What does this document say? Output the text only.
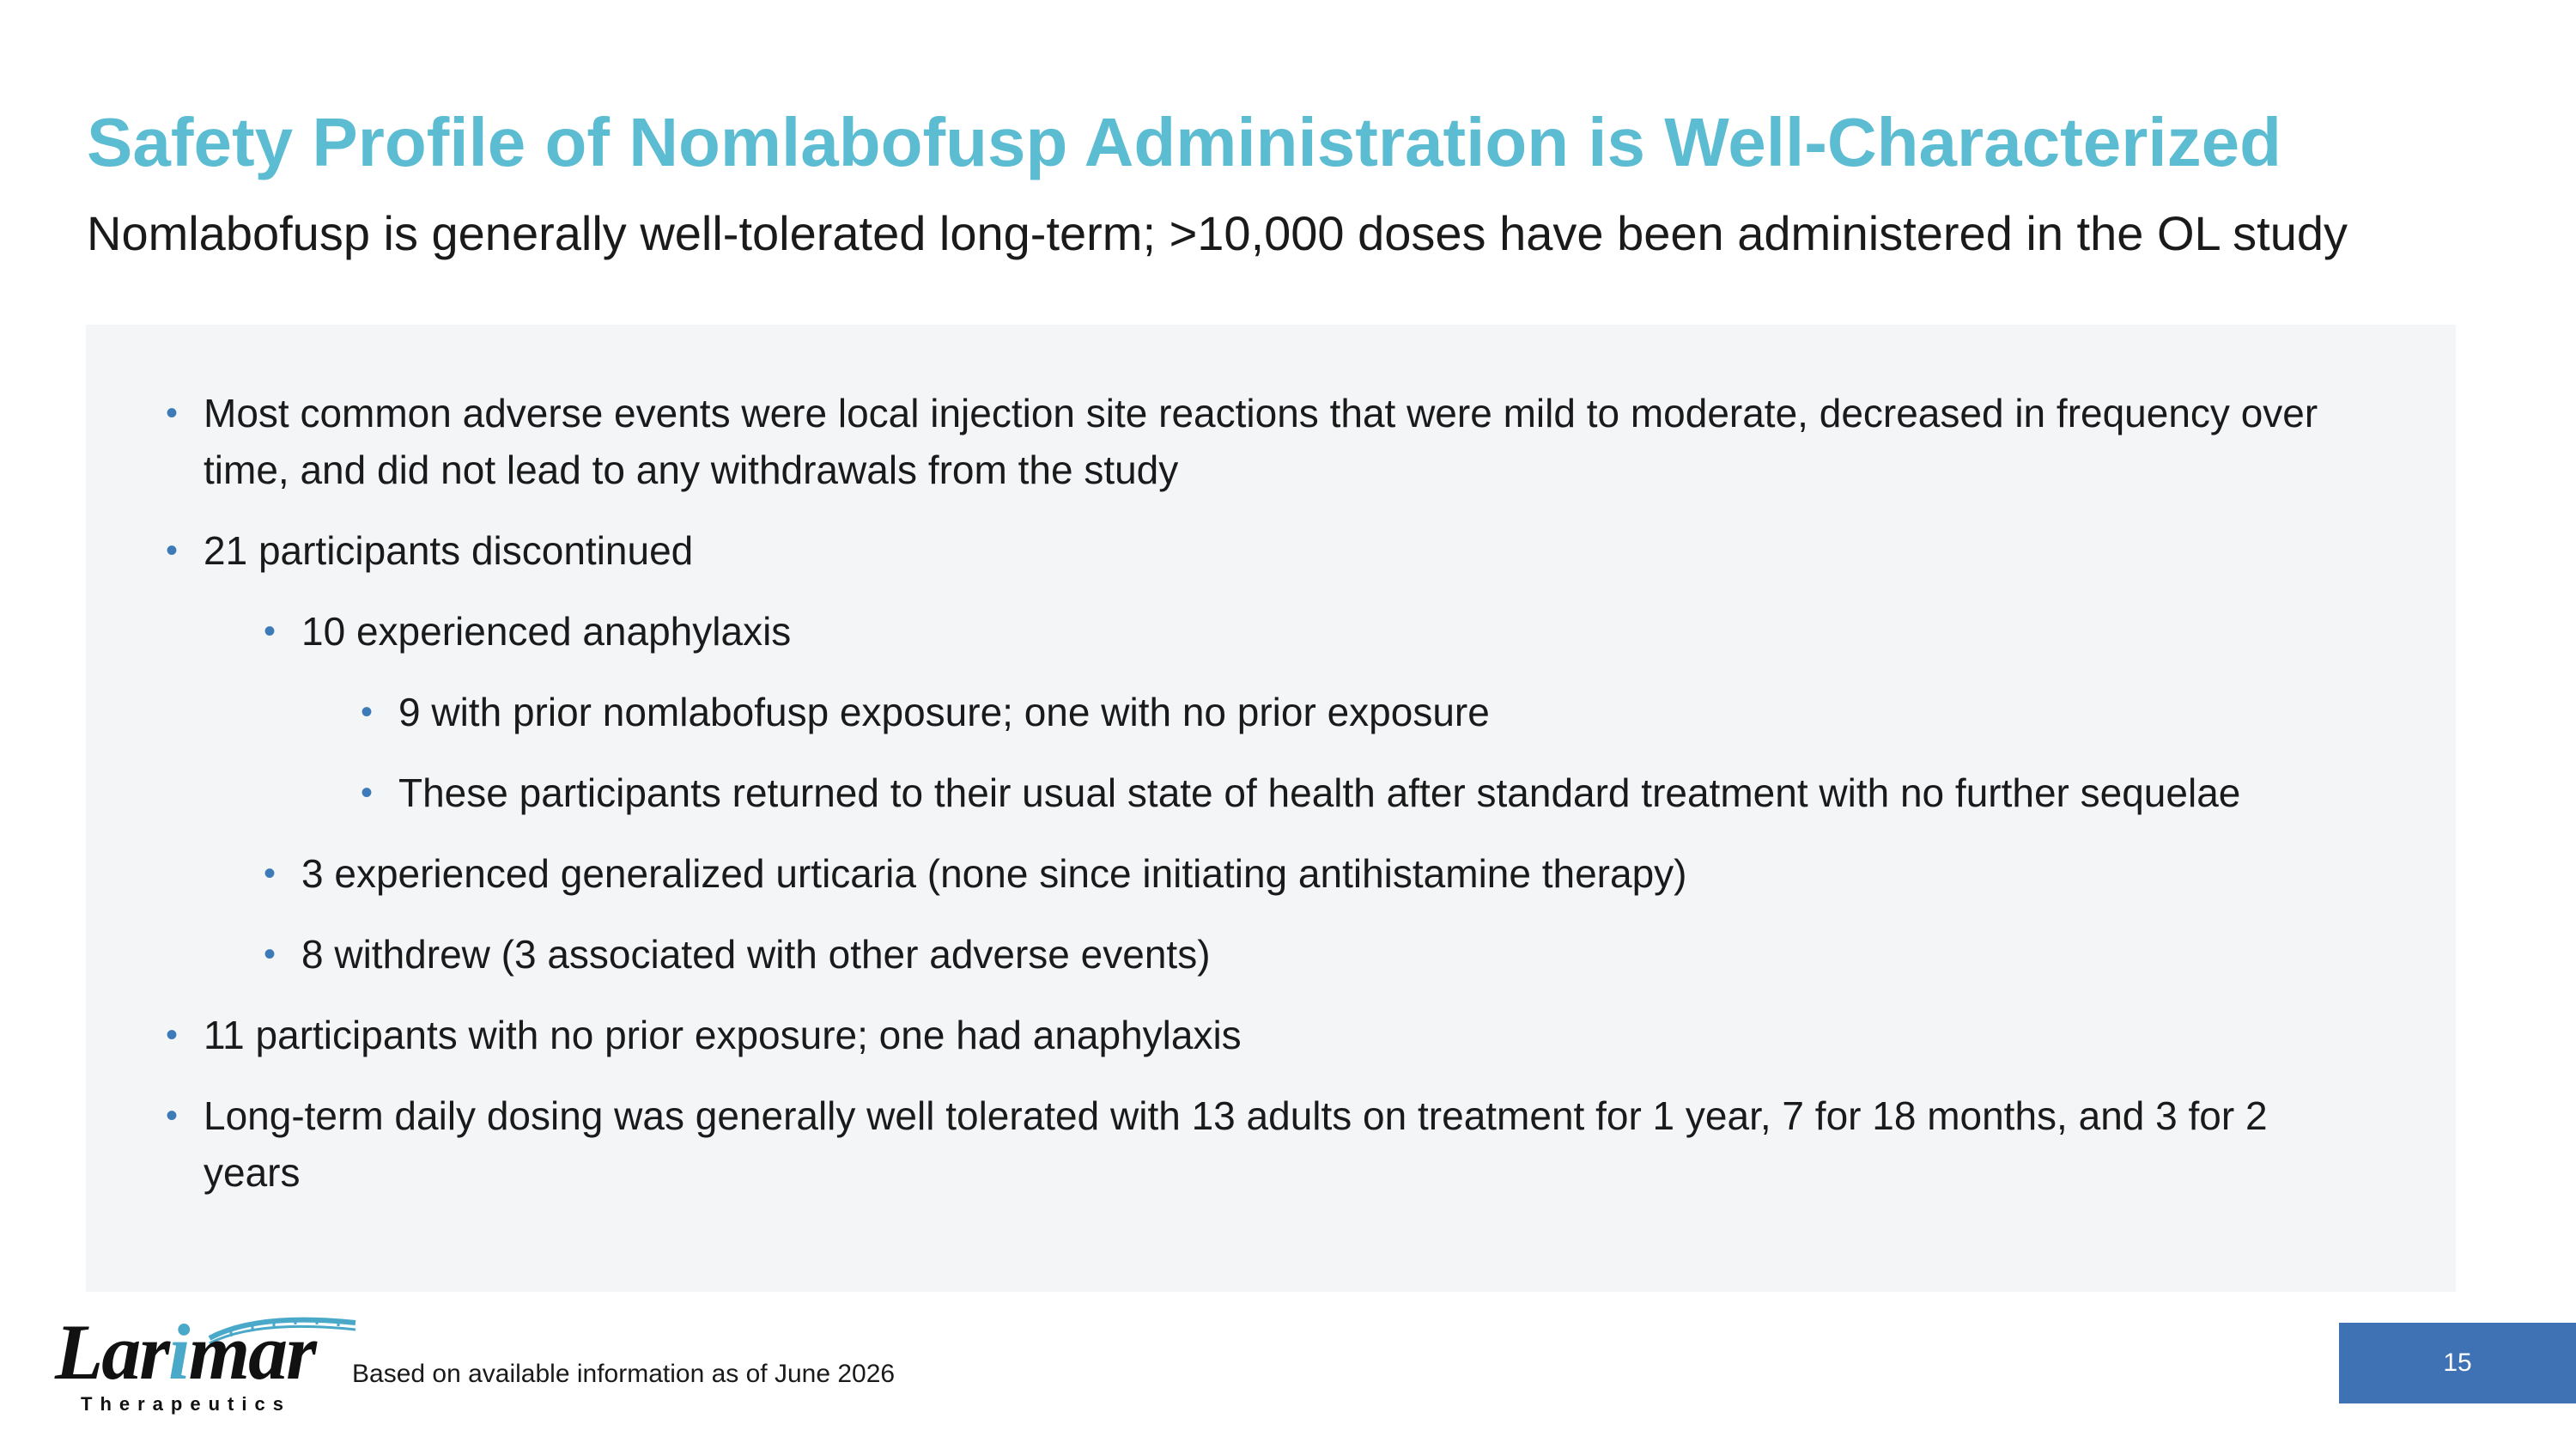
Safety Profile of Nomlabofusp Administration is Well-Characterized

Nomlabofusp is generally well-tolerated long-term; >10,000 doses have been administered in the OL study

• Most common adverse events were local injection site reactions that were mild to moderate, decreased in frequency over time, and did not lead to any withdrawals from the study
• 21 participants discontinued
• 10 experienced anaphylaxis
• 9 with prior nomlabofusp exposure; one with no prior exposure
• These participants returned to their usual state of health after standard treatment with no further sequelae
• 3 experienced generalized urticaria (none since initiating antihistamine therapy)
• 8 withdrew (3 associated with other adverse events)
• 11 participants with no prior exposure; one had anaphylaxis
• Long-term daily dosing was generally well tolerated with 13 adults on treatment for 1 year, 7 for 18 months, and 3 for 2 years
Larimar
Therapeutics
Based on available information as of June 2026	15
